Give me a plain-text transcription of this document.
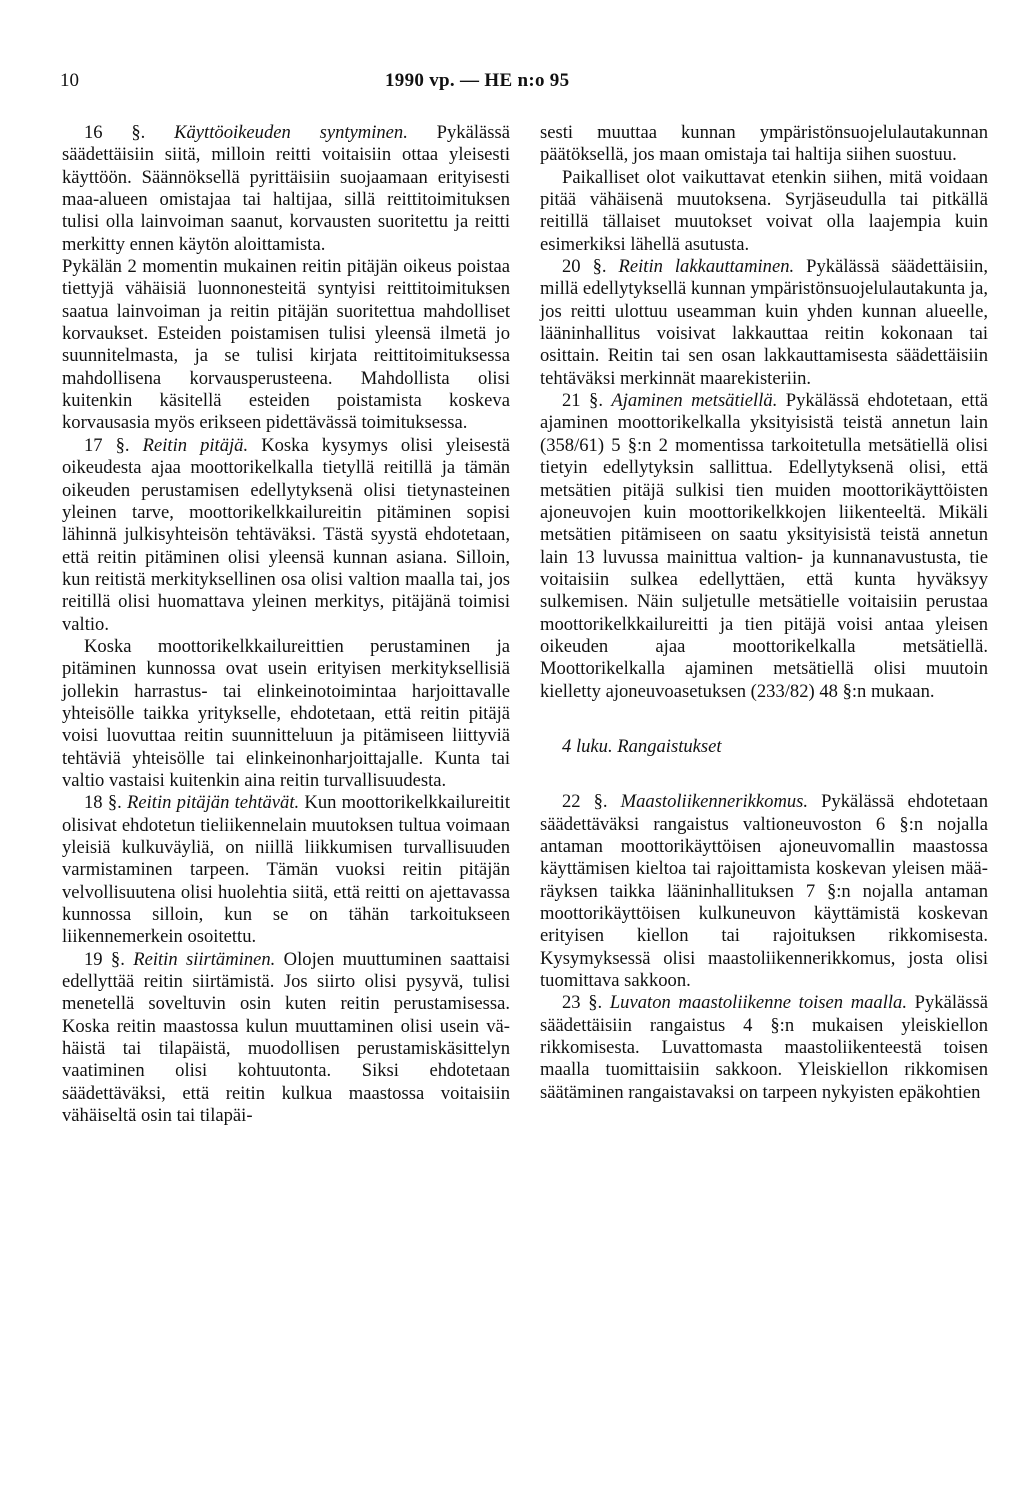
10	1990 vp. — HE n:o 95

16 §. Käyttöoikeuden syntyminen. Pykälässä säädettäisiin siitä, milloin reitti voitaisiin ottaa yleisesti käyttöön. Säännöksellä pyrittäisiin suojaamaan erityisesti maa-alueen omistajaa tai haltijaa, sillä reittitoimituksen tulisi olla lainvoiman saanut, korvausten suoritettu ja reitti merkitty ennen käytön aloittamista.

Pykälän 2 momentin mukainen reitin pitäjän oikeus poistaa tiettyjä vähäisiä luonnonesteitä syntyisi reittitoimituksen saatua lainvoiman ja reitin pitäjän suoritettua mahdolliset korvaukset. Esteiden poistamisen tulisi yleensä ilmetä jo suunnitelmasta, ja se tulisi kirjata reittitoimituksessa mahdollisena korvausperusteena. Mahdollista olisi kuitenkin käsitellä esteiden poistamista koskeva korvausasia myös erikseen pidettävässä toimituksessa.

17 §. Reitin pitäjä. Koska kysymys olisi yleisestä oikeudesta ajaa moottorikelkalla tietyllä reitillä ja tämän oikeuden perustamisen edellytyksenä olisi tietynasteinen yleinen tarve, moottorikelkkailureitin pitäminen sopisi lähinnä julkisyhteisön tehtäväksi. Tästä syystä ehdotetaan, että reitin pitäminen olisi yleensä kunnan asiana. Silloin, kun reitistä merkityksellinen osa olisi valtion maalla tai, jos reitillä olisi huomattava yleinen merkitys, pitäjänä toimisi valtio.

Koska moottorikelkkailureittien perustaminen ja pitäminen kunnossa ovat usein erityisen merkityksellisiä jollekin harrastus- tai elinkeinotoimintaa harjoittavalle yhteisölle taikka yritykselle, ehdotetaan, että reitin pitäjä voisi luovuttaa reitin suunnitteluun ja pitämiseen liittyviä tehtäviä yhteisölle tai elinkeinonharjoittajalle. Kunta tai valtio vastaisi kuitenkin aina reitin turvallisuudesta.

18 §. Reitin pitäjän tehtävät. Kun moottorikelkkailureitit olisivat ehdotetun tieliikennelain muutoksen tultua voimaan yleisiä kulkuväyliä, on niillä liikkumisen turvallisuuden varmistaminen tarpeen. Tämän vuoksi reitin pitäjän velvollisuutena olisi huolehtia siitä, että reitti on ajettavassa kunnossa silloin, kun se on tähän tarkoitukseen liikennemerkein osoitettu.

19 §. Reitin siirtäminen. Olojen muuttuminen saattaisi edellyttää reitin siirtämistä. Jos siirto olisi pysyvä, tulisi menetellä soveltuvin osin kuten reitin perustamisessa. Koska reitin maastossa kulun muuttaminen olisi usein vähäistä tai tilapäistä, muodollisen perustamiskäsittelyn vaatiminen olisi kohtuutonta. Siksi ehdotetaan säädettäväksi, että reitin kulkua maastossa voitaisiin vähäiseltä osin tai tilapäi-

sesti muuttaa kunnan ympäristönsuojelulautakunnan päätöksellä, jos maan omistaja tai haltija siihen suostuu.

Paikalliset olot vaikuttavat etenkin siihen, mitä voidaan pitää vähäisenä muutoksena. Syrjäseudulla tai pitkällä reitillä tällaiset muutokset voivat olla laajempia kuin esimerkiksi lähellä asutusta.

20 §. Reitin lakkauttaminen. Pykälässä säädettäisiin, millä edellytyksellä kunnan ympäristönsuojelulautakunta ja, jos reitti ulottuu useamman kuin yhden kunnan alueelle, lääninhallitus voisivat lakkauttaa reitin kokonaan tai osittain. Reitin tai sen osan lakkauttamisesta säädettäisiin tehtäväksi merkinnät maarekisteriin.

21 §. Ajaminen metsätiellä. Pykälässä ehdotetaan, että ajaminen moottorikelkalla yksityisistä teistä annetun lain (358/61) 5 §:n 2 momentissa tarkoitetulla metsätiellä olisi tietyin edellytyksin sallittua. Edellytyksenä olisi, että metsätien pitäjä sulkisi tien muiden moottorikäyttöisten ajoneuvojen kuin moottorikelkkojen liikenteeltä. Mikäli metsätien pitämiseen on saatu yksityisistä teistä annetun lain 13 luvussa mainittua valtion- ja kunnanavustusta, tie voitaisiin sulkea edellyttäen, että kunta hyväksyy sulkemisen. Näin suljetulle metsätielle voitaisiin perustaa moottorikelkkailureitti ja tien pitäjä voisi antaa yleisen oikeuden ajaa moottorikelkalla metsätiellä. Moottorikelkalla ajaminen metsätiellä olisi muutoin kielletty ajoneuvoasetuksen (233/82) 48 §:n mukaan.

4 luku. Rangaistukset

22 §. Maastoliikennerikkomus. Pykälässä ehdotetaan säädettäväksi rangaistus valtioneuvoston 6 §:n nojalla antaman moottorikäyttöisen ajoneuvomallin maastossa käyttämisen kieltoa tai rajoittamista koskevan yleisen määräyksen taikka lääninhallituksen 7 §:n nojalla antaman moottorikäyttöisen kulkuneuvon käyttämistä koskevan erityisen kiellon tai rajoituksen rikkomisesta. Kysymyksessä olisi maastoliikennerikkomus, josta olisi tuomittava sakkoon.

23 §. Luvaton maastoliikenne toisen maalla. Pykälässä säädettäisiin rangaistus 4 §:n mukaisen yleiskiellon rikkomisesta. Luvattomasta maastoliikenteestä toisen maalla tuomittaisiin sakkoon. Yleiskiellon rikkomisen säätäminen rangaistavaksi on tarpeen nykyisten epäkohtien
